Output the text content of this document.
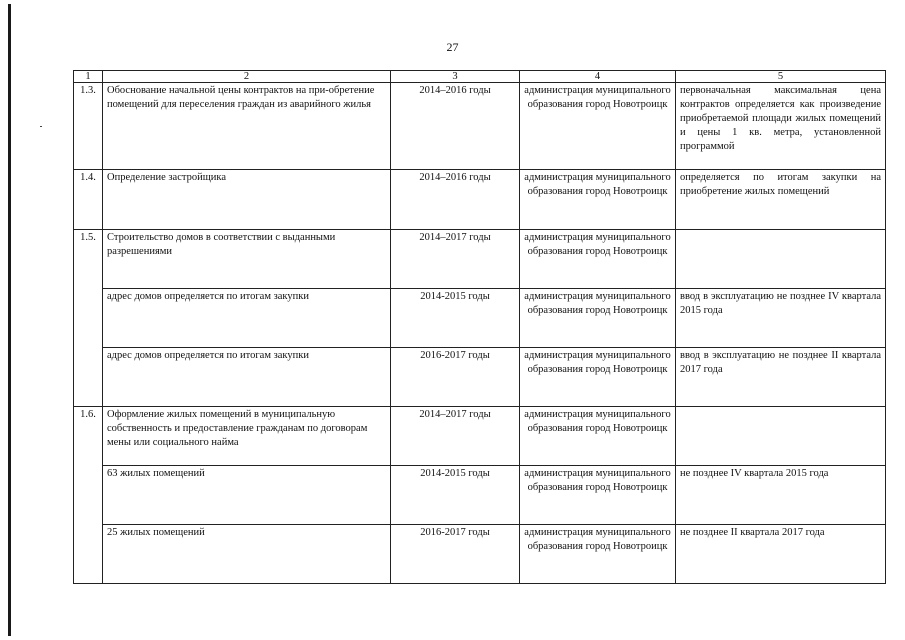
27
1	2	3	4	5
1.3.	Обоснование начальной цены контрактов на при-обретение помещений для переселения граждан из аварийного жилья	2014–2016 годы	администрация муниципального образования город Новотроицк	первоначальная максимальная цена контрактов определяется как произведение приобретаемой площади жилых помещений и цены 1 кв. метра, установленной программой
1.4.	Определение застройщика	2014–2016 годы	администрация муниципального образования город Новотроицк	определяется по итогам закупки на приобретение жилых помещений
1.5.	Строительство домов в соответствии с выданными разрешениями	2014–2017 годы	администрация муниципального образования город Новотроицк	
	адрес домов определяется по итогам закупки	2014-2015 годы	администрация муниципального образования город Новотроицк	ввод в эксплуатацию не позднее IV квартала 2015 года
	адрес домов определяется по итогам закупки	2016-2017 годы	администрация муниципального образования город Новотроицк	ввод в эксплуатацию не позднее II квартала 2017 года
1.6.	Оформление жилых помещений в муниципальную собственность и предоставление гражданам по договорам мены или социального найма	2014–2017 годы	администрация муниципального образования город Новотроицк	
	63 жилых помещений	2014-2015 годы	администрация муниципального образования город Новотроицк	не позднее IV квартала 2015 года
	25 жилых помещений	2016-2017 годы	администрация муниципального образования город Новотроицк	не позднее II квартала 2017 года
